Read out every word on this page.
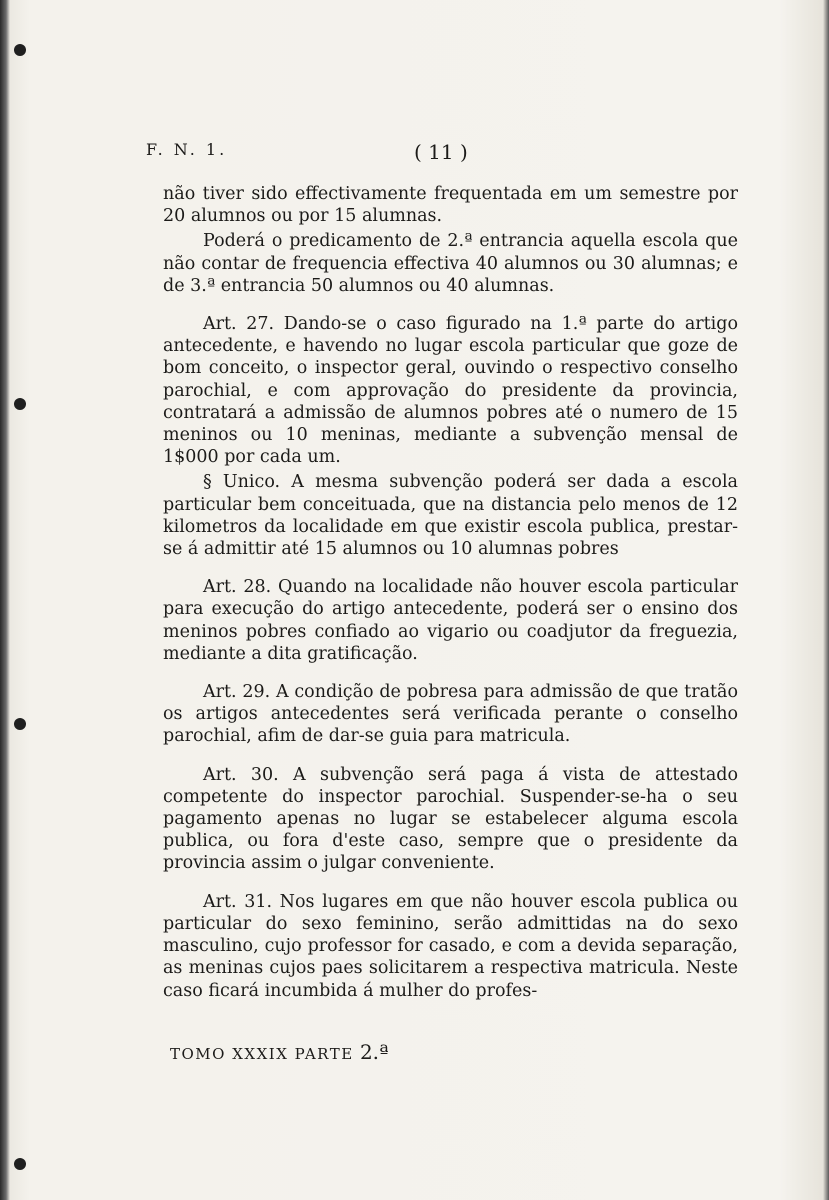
F. N. 1.	( 11 )

não tiver sido effectivamente frequentada em um semestre por 20 alumnos ou por 15 alumnas.

Poderá o predicamento de 2.ª entrancia aquella escola que não contar de frequencia effectiva 40 alumnos ou 30 alumnas; e de 3.ª entrancia 50 alumnos ou 40 alumnas.

Art. 27. Dando-se o caso figurado na 1.ª parte do artigo antecedente, e havendo no lugar escola particular que goze de bom conceito, o inspector geral, ouvindo o respectivo conselho parochial, e com approvação do presidente da provincia, contratará a admissão de alumnos pobres até o numero de 15 meninos ou 10 meninas, mediante a subvenção mensal de 1$000 por cada um.

§ Unico. A mesma subvenção poderá ser dada a escola particular bem conceituada, que na distancia pelo menos de 12 kilometros da localidade em que existir escola publica, prestar-se á admittir até 15 alumnos ou 10 alumnas pobres

Art. 28. Quando na localidade não houver escola particular para execução do artigo antecedente, poderá ser o ensino dos meninos pobres confiado ao vigario ou coadjutor da freguezia, mediante a dita gratificação.

Art. 29. A condição de pobresa para admissão de que tratão os artigos antecedentes será verificada perante o conselho parochial, afim de dar-se guia para matricula.

Art. 30. A subvenção será paga á vista de attestado competente do inspector parochial. Suspender-se-ha o seu pagamento apenas no lugar se estabelecer alguma escola publica, ou fora d'este caso, sempre que o presidente da provincia assim o julgar conveniente.

Art. 31. Nos lugares em que não houver escola publica ou particular do sexo feminino, serão admittidas na do sexo masculino, cujo professor for casado, e com a devida separação, as meninas cujos paes solicitarem a respectiva matricula. Neste caso ficará incumbida á mulher do profes-

TOMO XXXIX PARTE 2.ª
